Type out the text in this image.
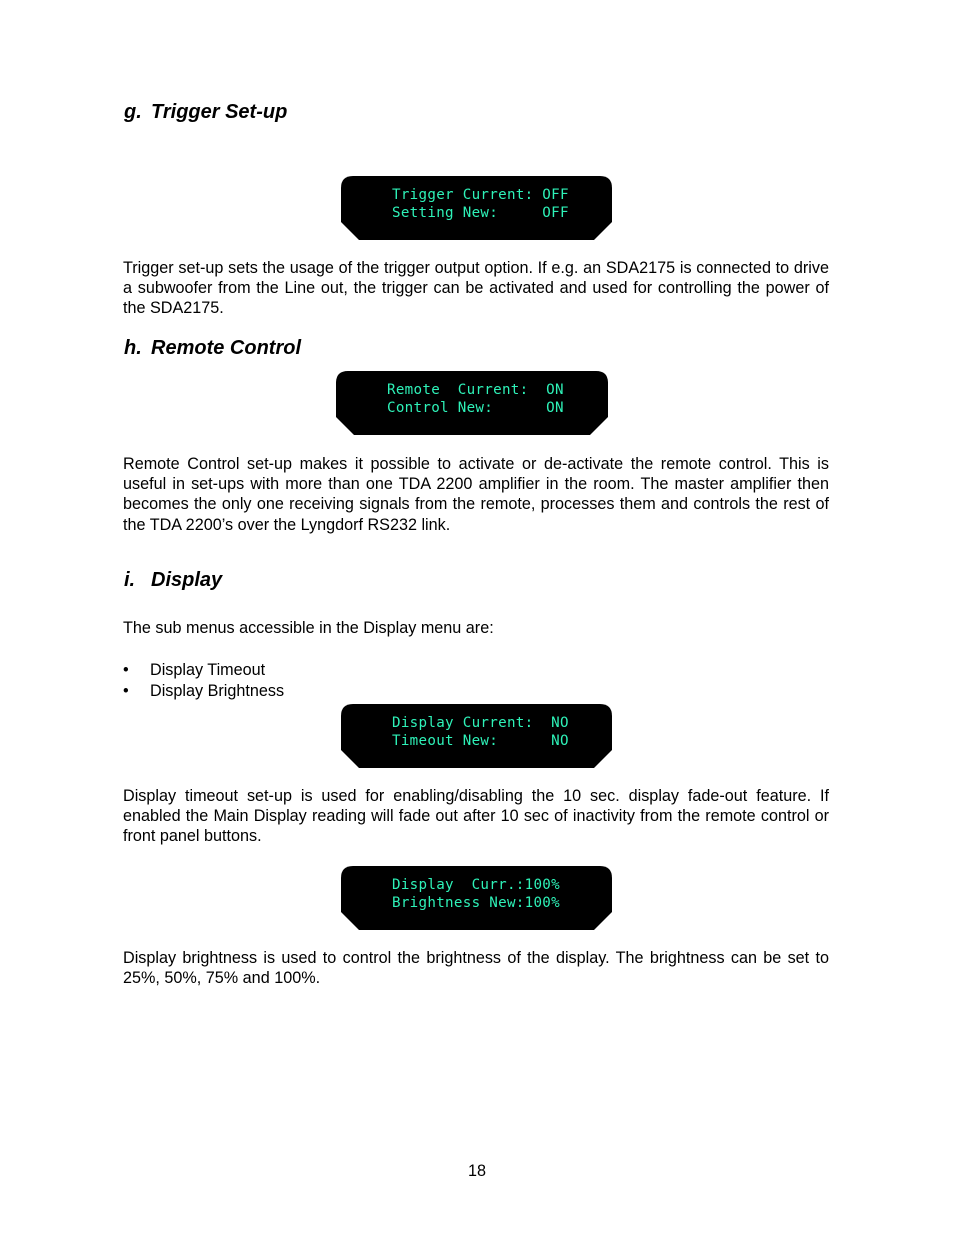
g. Trigger Set-up

Trigger Current: OFF

Setting New:     OFF

Trigger set-up sets the usage of the trigger output option. If e.g. an SDA2175 is connected to drive a subwoofer from the Line out, the trigger can be activated and used for controlling the power of the SDA2175.

h. Remote Control

Remote  Current:  ON

Control New:      ON

Remote Control set-up makes it possible to activate or de-activate the remote control. This is useful in set-ups with more than one TDA 2200 amplifier in the room. The master amplifier then becomes the only one receiving signals from the remote, processes them and controls the rest of the TDA 2200’s over the Lyngdorf RS232 link.

i. Display

The sub menus accessible in the Display menu are:

• Display Timeout
• Display Brightness

Display Current:  NO

Timeout New:      NO

Display timeout set-up is used for enabling/disabling the 10 sec. display fade-out feature. If enabled the Main Display reading will fade out after 10 sec of inactivity from the remote control or front panel buttons.

Display  Curr.:100%

Brightness New:100%

Display brightness is used to control the brightness of the display. The brightness can be set to 25%, 50%, 75% and 100%.

18
